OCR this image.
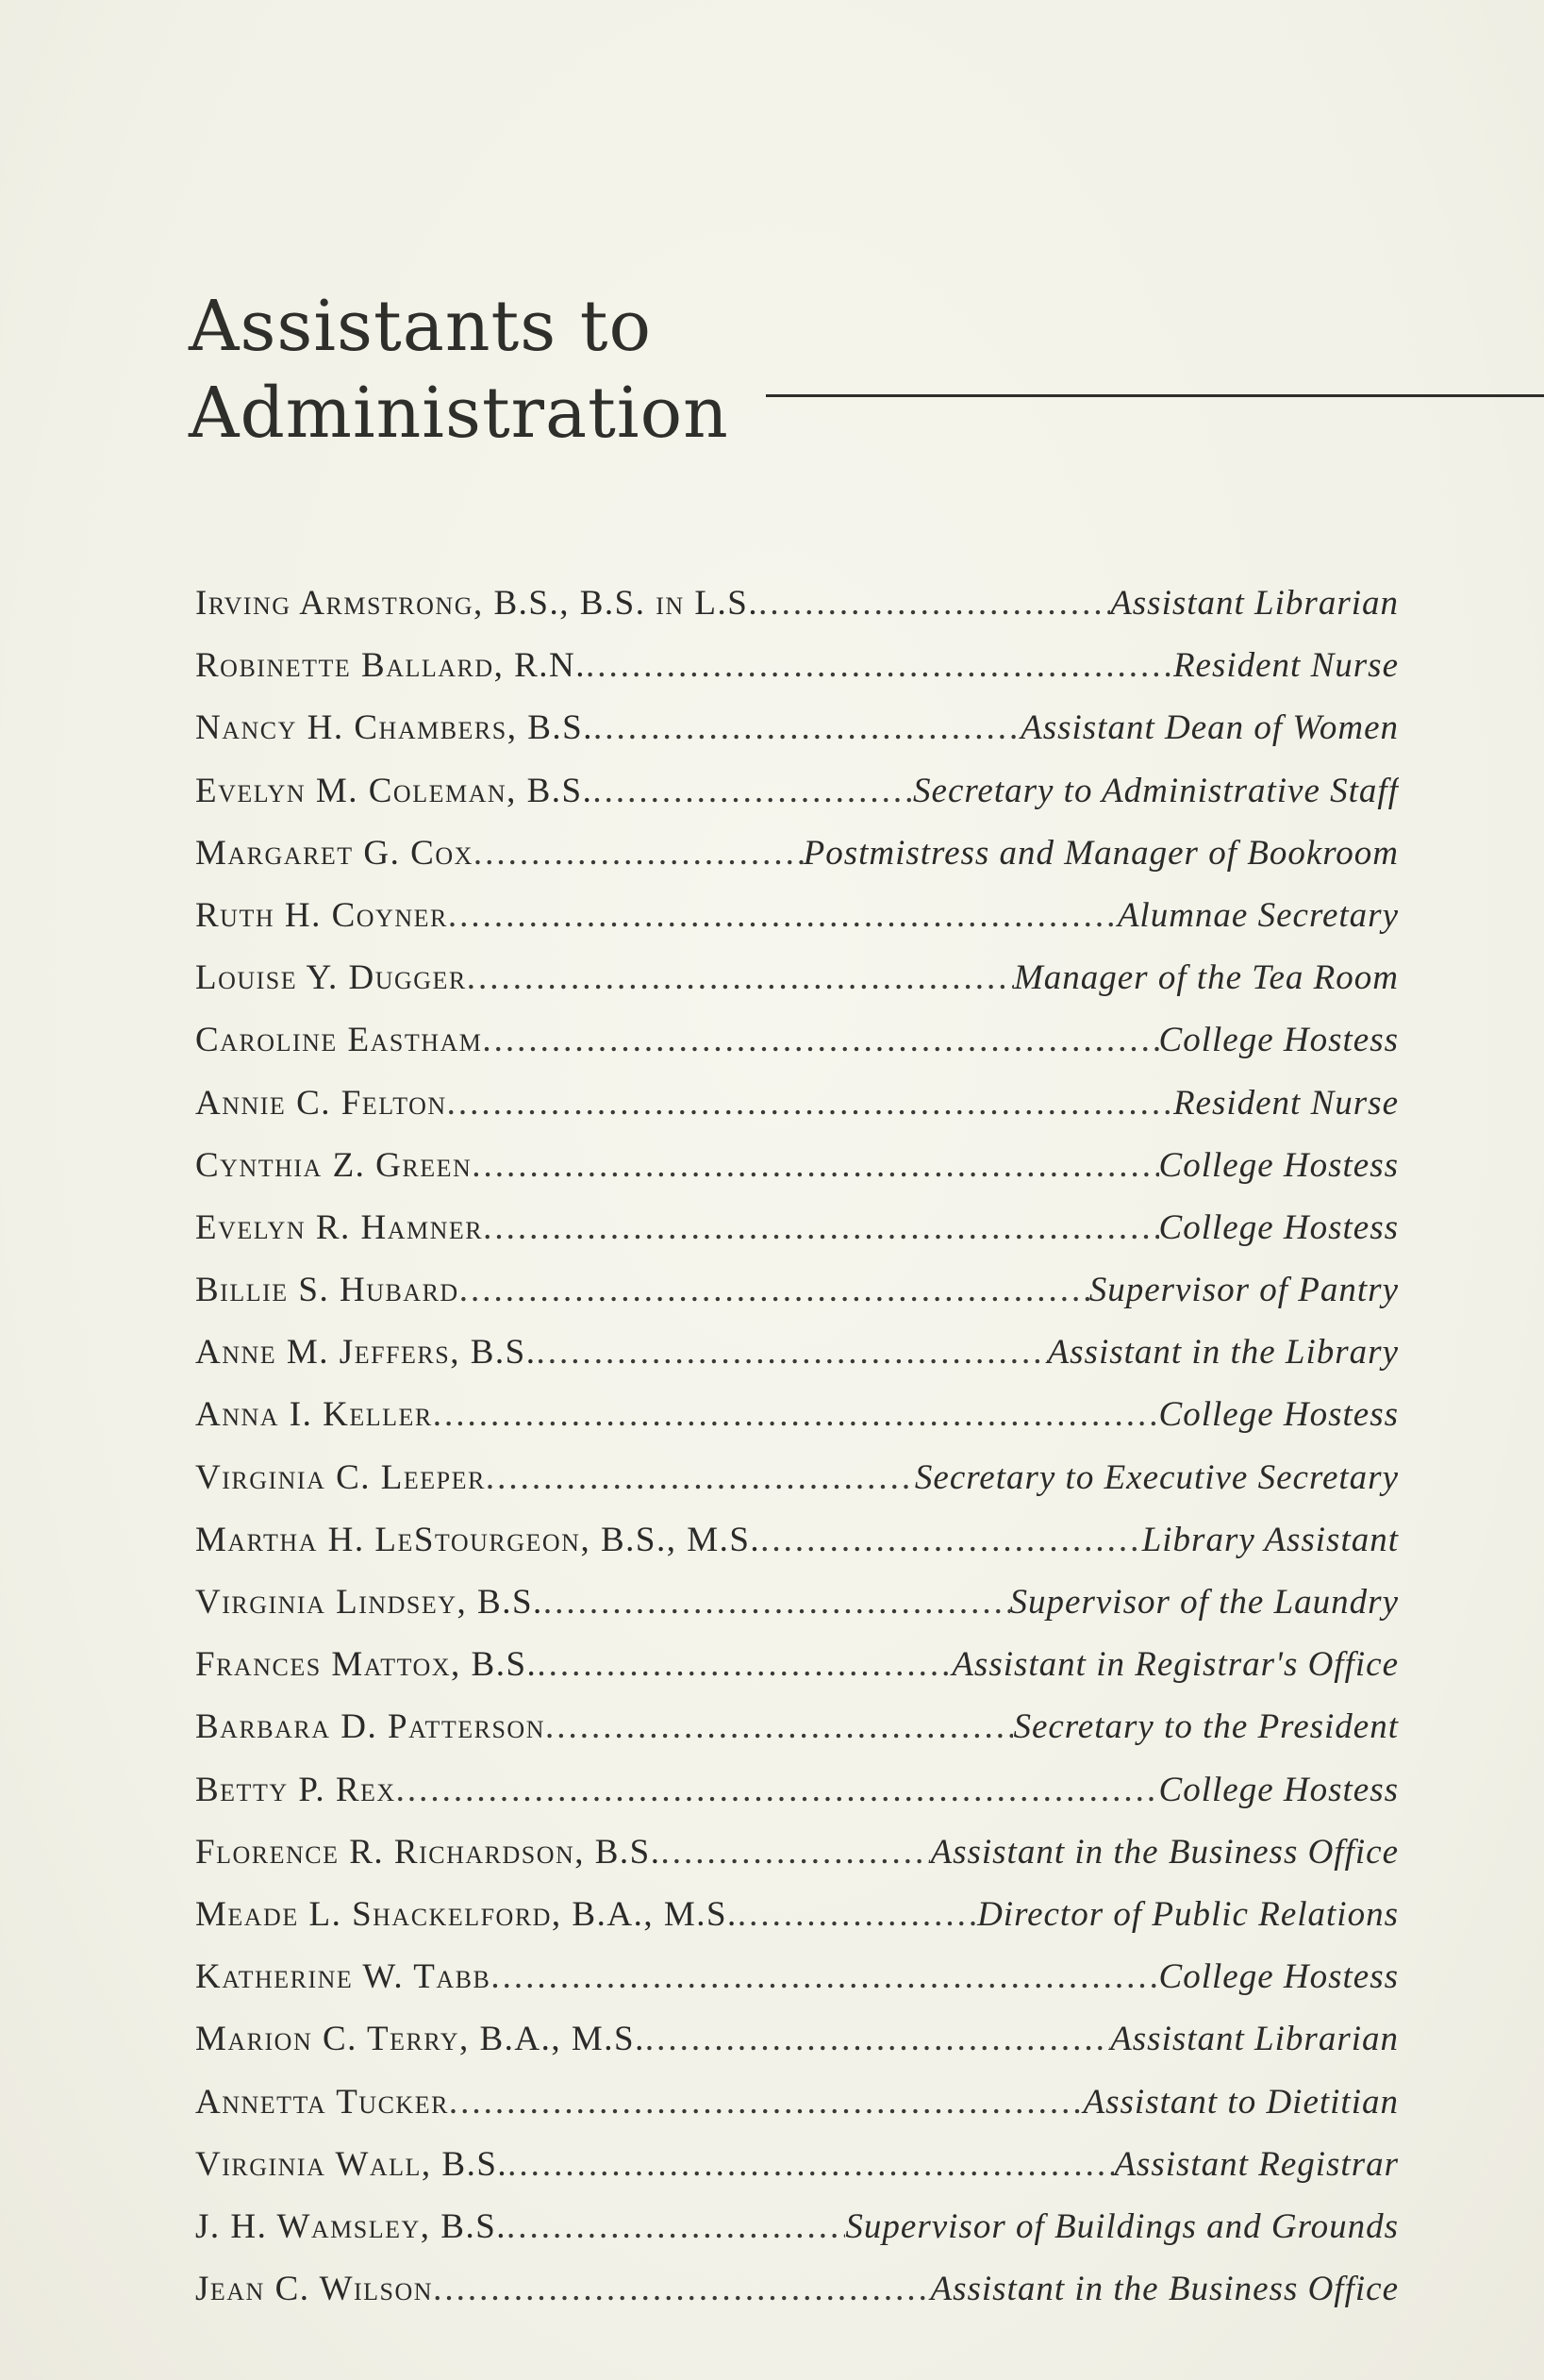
Assistants to
Administration
Irving Armstrong, B.S., B.S. in L.S. .....	Assistant Librarian
Robinette Ballard, R.N. .....	Resident Nurse
Nancy H. Chambers, B.S. .....	Assistant Dean of Women
Evelyn M. Coleman, B.S. .....	Secretary to Administrative Staff
Margaret G. Cox .....	Postmistress and Manager of Bookroom
Ruth H. Coyner .....	Alumnae Secretary
Louise Y. Dugger .....	Manager of the Tea Room
Caroline Eastham .....	College Hostess
Annie C. Felton .....	Resident Nurse
Cynthia Z. Green .....	College Hostess
Evelyn R. Hamner .....	College Hostess
Billie S. Hubard .....	Supervisor of Pantry
Anne M. Jeffers, B.S. .....	Assistant in the Library
Anna I. Keller .....	College Hostess
Virginia C. Leeper .....	Secretary to Executive Secretary
Martha H. LeStourgeon, B.S., M.S. .....	Library Assistant
Virginia Lindsey, B.S. .....	Supervisor of the Laundry
Frances Mattox, B.S. .....	Assistant in Registrar's Office
Barbara D. Patterson .....	Secretary to the President
Betty P. Rex .....	College Hostess
Florence R. Richardson, B.S. .....	Assistant in the Business Office
Meade L. Shackelford, B.A., M.S. .....	Director of Public Relations
Katherine W. Tabb .....	College Hostess
Marion C. Terry, B.A., M.S. .....	Assistant Librarian
Annetta Tucker .....	Assistant to Dietitian
Virginia Wall, B.S. .....	Assistant Registrar
J. H. Wamsley, B.S. .....	Supervisor of Buildings and Grounds
Jean C. Wilson .....	Assistant in the Business Office
